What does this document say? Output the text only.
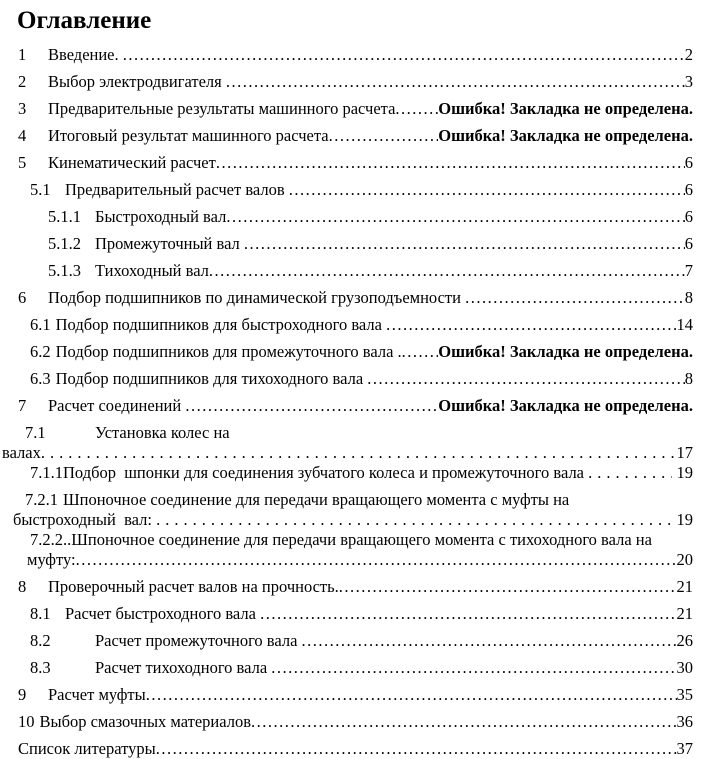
Оглавление
1	Введение. .....	2
2	Выбор электродвигателя .....	3
3	Предварительные результаты машинного расчета .....	Ошибка! Закладка не определена.
4	Итоговый результат машинного расчета .....	Ошибка! Закладка не определена.
5	Кинематический расчет .....	6
5.1 Предварительный расчет валов .....	6
5.1.1 Быстроходный вал .....	6
5.1.2 Промежуточный вал .....	6
5.1.3 Тихоходный вал .....	7
6	Подбор подшипников по динамической грузоподъемности .....	8
6.1 Подбор подшипников для быстроходного вала .....	14
6.2 Подбор подшипников для промежуточного вала . ..... Ошибка! Закладка не определена.
6.3 Подбор подшипников для тихоходного вала .....	8
7	Расчет соединений .....	Ошибка! Закладка не определена.
7.1	Установка колес на
валах .....	17
7.1.1 Подбор  шпонки для соединения зубчатого колеса и промежуточного вала .....	19
7.2.1 Шпоночное соединение для передачи вращающего момента с муфты на
быстроходный  вал: .....	19
7.2.2.. Шпоночное соединение для передачи вращающего момента с тихоходного вала на
муфту: .....	20
8	Проверочный расчет валов на прочность. .....	21
8.1 Расчет быстроходного вала .....	21
8.2	Расчет промежуточного вала .....	26
8.3	Расчет тихоходного вала .....	30
9	Расчет муфты .....	35
10 Выбор смазочных материалов .....	36
Список литературы .....	37
